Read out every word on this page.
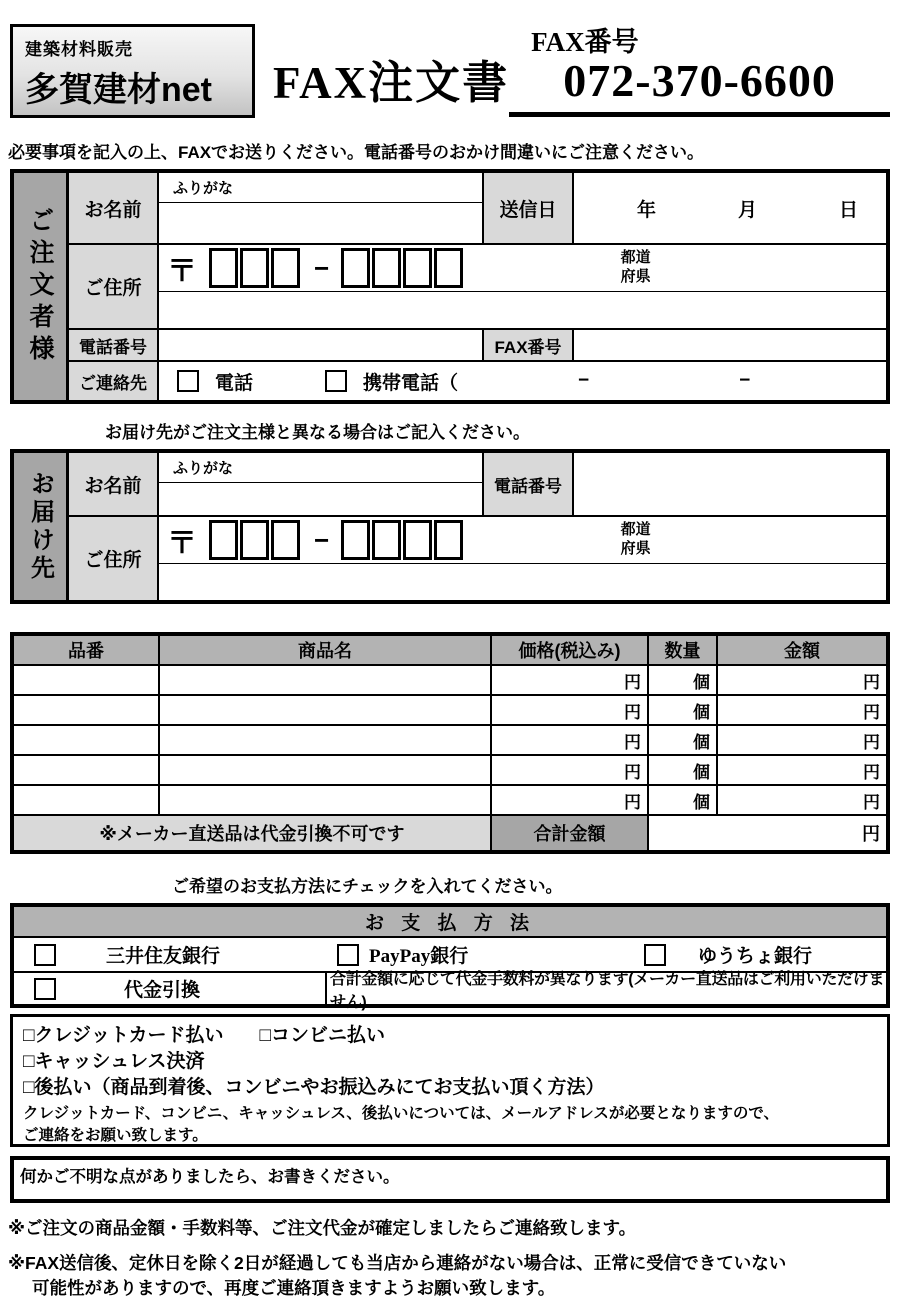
建築材料販売
多賀建材net	FAX注文書
FAX番号
072-370-6600
必要事項を記入の上、FAXでお送りください。電話番号のおかけ間違いにご注意ください。
ご注文者様	お名前
ふりがな
送信日	年	月	日
ご住所
〒	−	都道
府県
電話番号	FAX番号
ご連絡先	電話	携帯電話 （	−	−
お届け先がご注文主様と異なる場合はご記入ください。
お届け先	お名前
ふりがな
電話番号
ご住所
〒	−	都道
府県
品番	商品名	価格(税込み)	数量	金額
円	個	円
円	個	円
円	個	円
円	個	円
円	個	円
※メーカー直送品は代金引換不可です	合計金額	円
ご希望のお支払方法にチェックを入れてください。
お 支 払 方 法
三井住友銀行	PayPay銀行	ゆうちょ銀行
代金引換
合計金額に応じて代金手数料が異なります(メーカー直送品はご利用いただけません)
□ クレジットカード払い □ コンビニ払い
□ キャッシュレス決済
□ 後払い（商品到着後、コンビニやお振込みにてお支払い頂く方法）
クレジットカード、コンビニ、キャッシュレス、後払いについては、メールアドレスが必要となりますので、
ご連絡をお願い致します。
何かご不明な点がありましたら、お書きください。
※ご注文の商品金額・手数料等、ご注文代金が確定しましたらご連絡致します。
※FAX送信後、定休日を除く2日が経過しても当店から連絡がない場合は、正常に受信できていない
可能性がありますので、再度ご連絡頂きますようお願い致します。
